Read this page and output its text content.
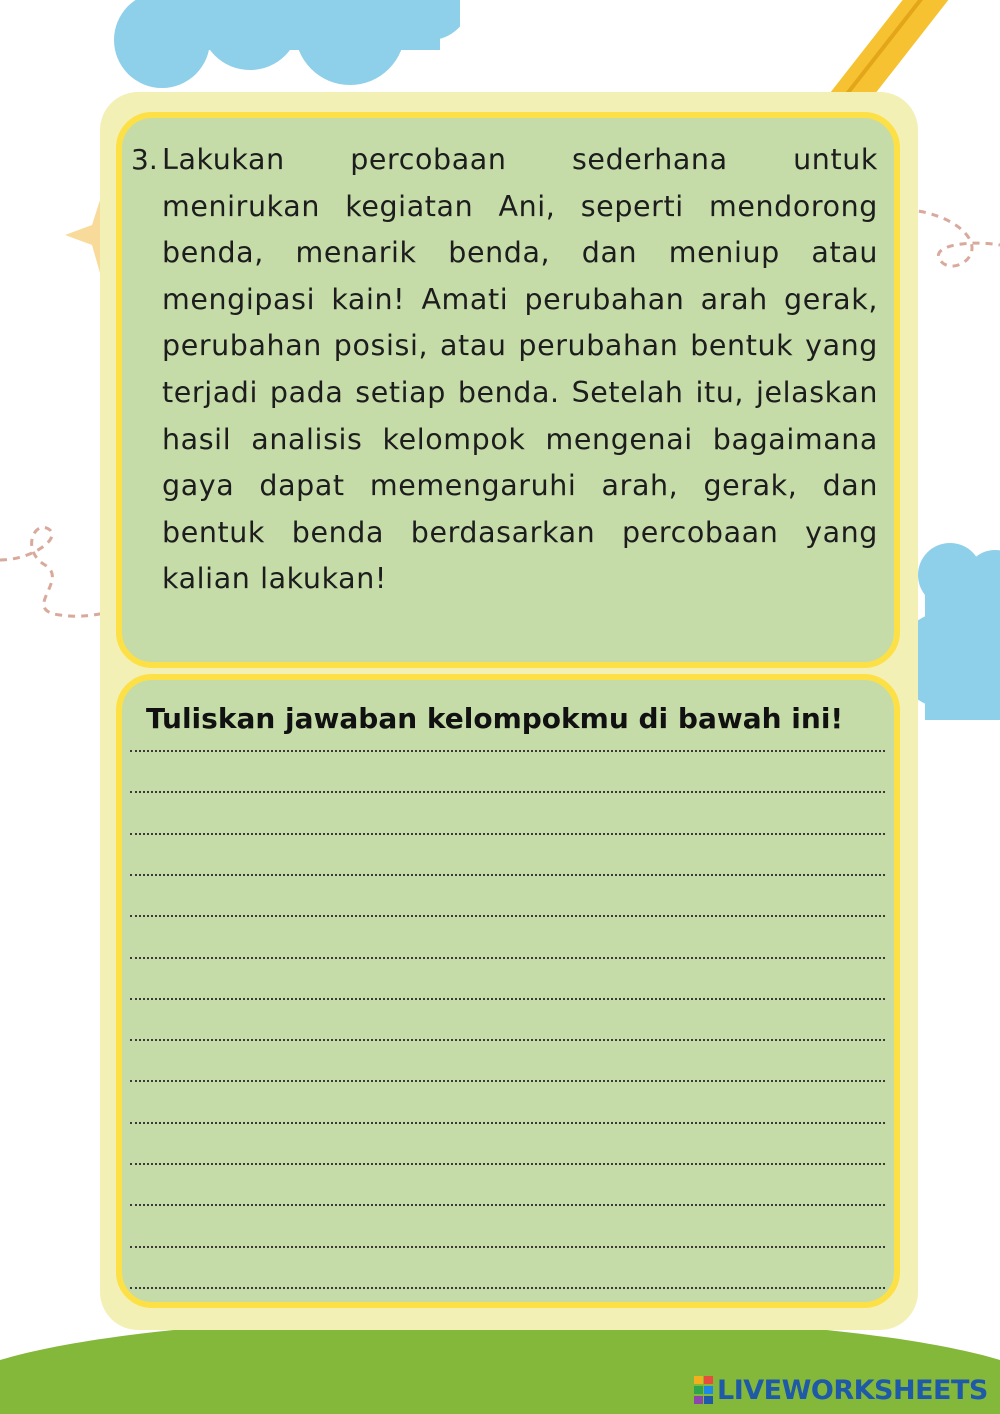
3. Lakukan percobaan sederhana untuk menirukan kegiatan Ani, seperti mendorong benda, menarik benda, dan meniup atau mengipasi kain! Amati perubahan arah gerak, perubahan posisi, atau perubahan bentuk yang terjadi pada setiap benda. Setelah itu, jelaskan hasil analisis kelompok mengenai bagaimana gaya dapat memengaruhi arah, gerak, dan bentuk benda berdasarkan percobaan yang kalian lakukan!

Tuliskan jawaban kelompokmu di bawah ini!

LIVEWORKSHEETS
